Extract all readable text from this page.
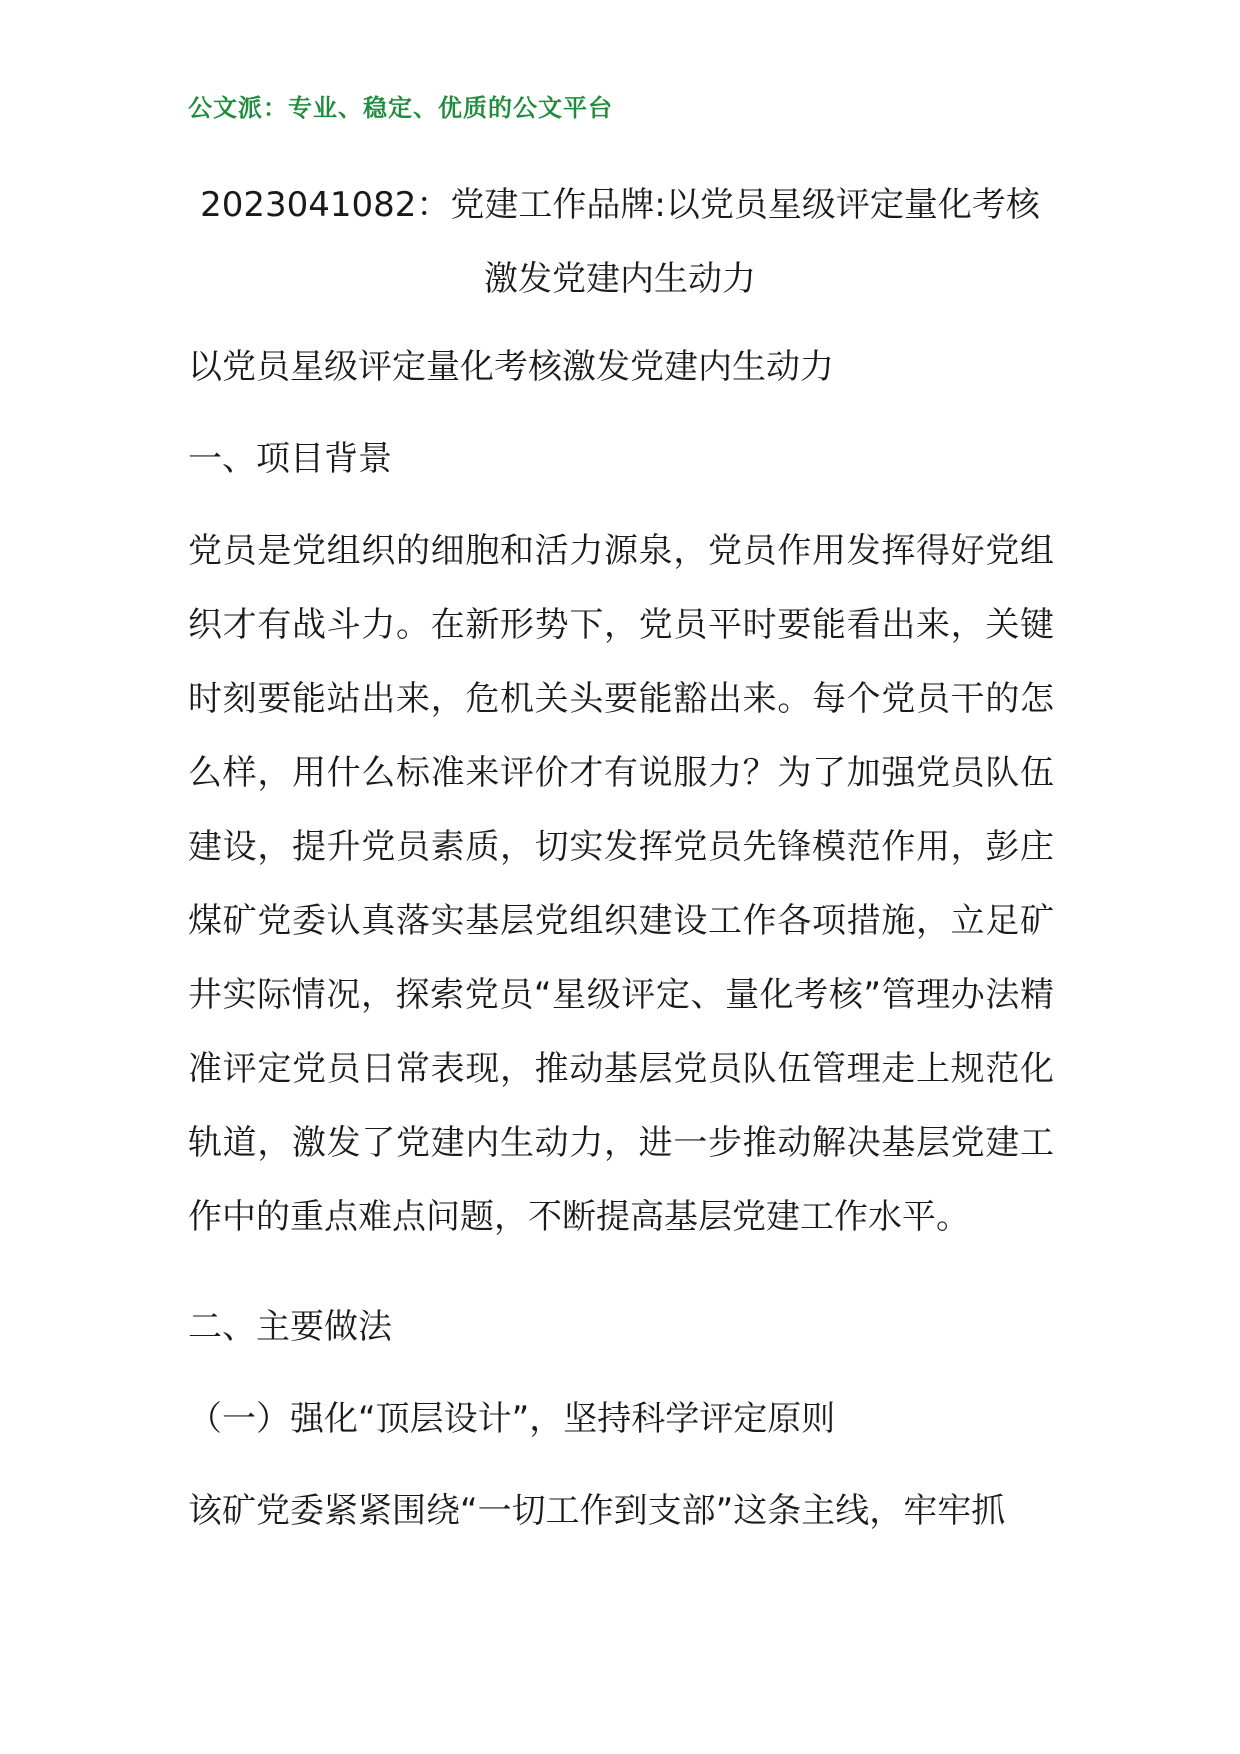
公文派：专业、稳定、优质的公文平台
2023041082：党建工作品牌:以党员星级评定量化考核
激发党建内生动力

以党员星级评定量化考核激发党建内生动力

一、项目背景

党员是党组织的细胞和活力源泉，党员作用发挥得好党组织才有战斗力。在新形势下，党员平时要能看出来，关键时刻要能站出来，危机关头要能豁出来。每个党员干的怎么样，用什么标准来评价才有说服力？为了加强党员队伍建设，提升党员素质，切实发挥党员先锋模范作用，彭庄煤矿党委认真落实基层党组织建设工作各项措施，立足矿井实际情况，探索党员“星级评定、量化考核”管理办法精准评定党员日常表现，推动基层党员队伍管理走上规范化轨道，激发了党建内生动力，进一步推动解决基层党建工作中的重点难点问题，不断提高基层党建工作水平。

二、主要做法

（一）强化“顶层设计”，坚持科学评定原则

该矿党委紧紧围绕“一切工作到支部”这条主线，牢牢抓
